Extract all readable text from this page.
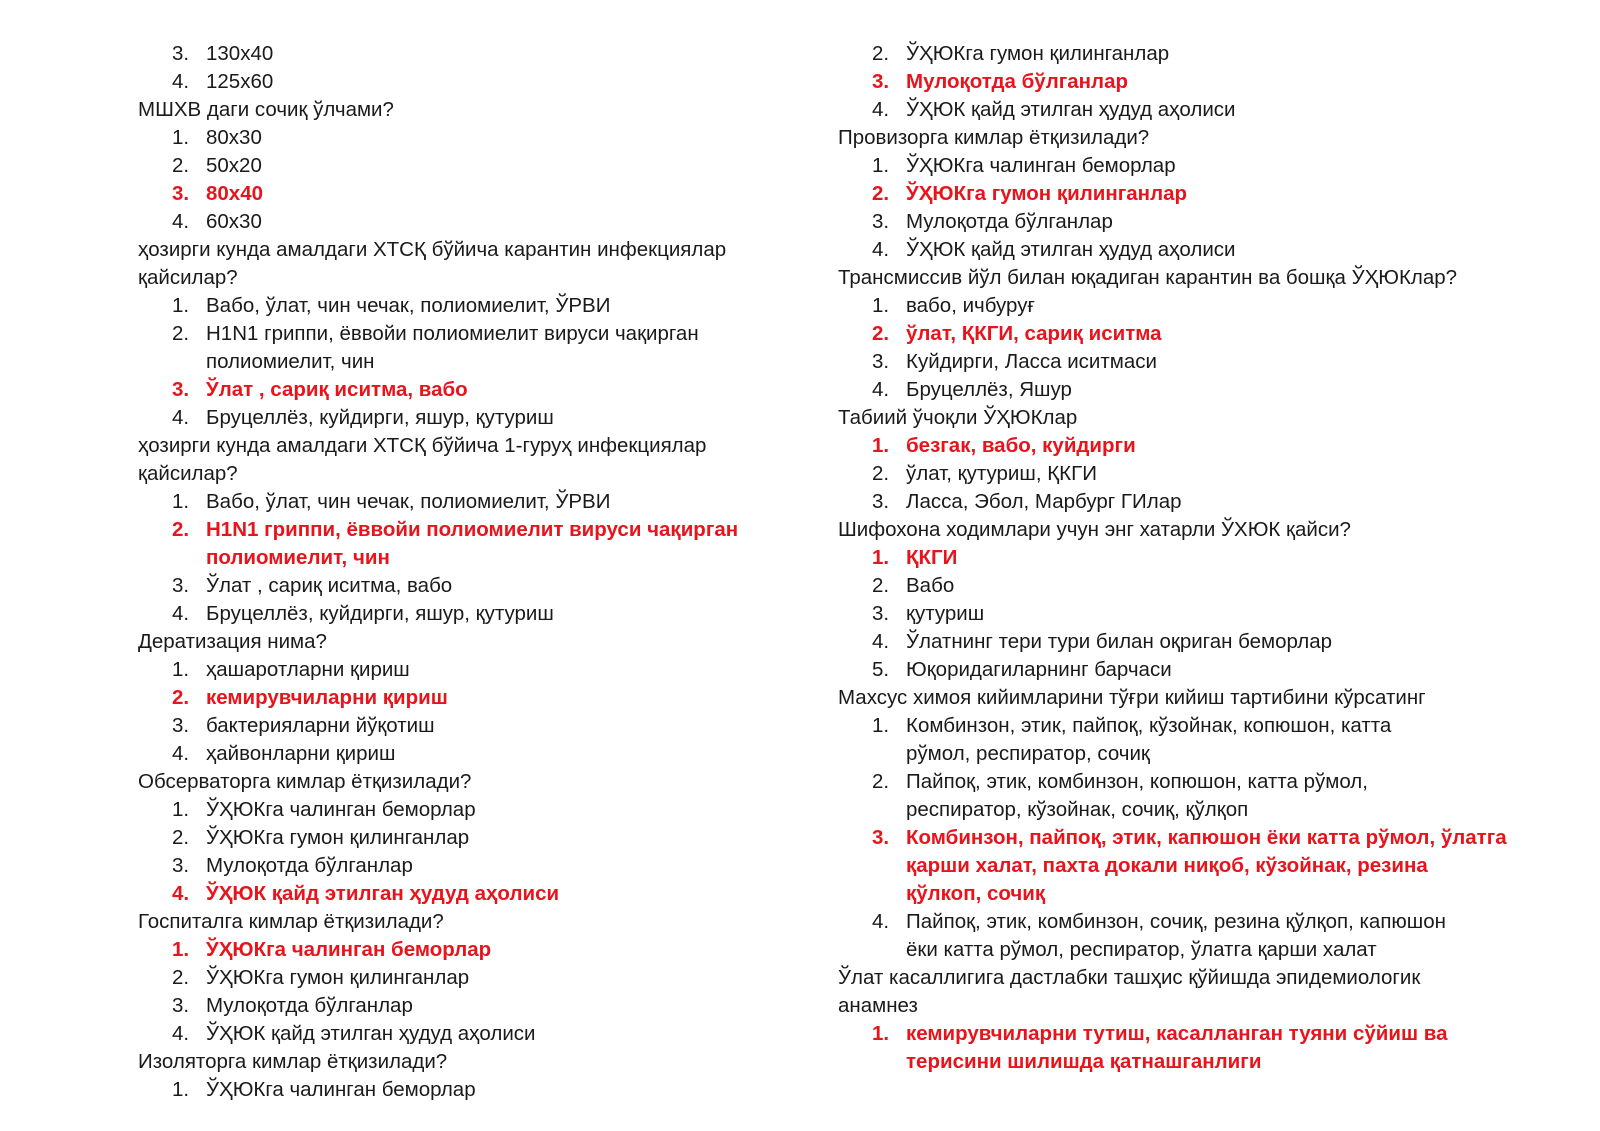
3. 130x40
4. 125x60
МШХВ даги сочиқ ўлчами?
1. 80x30
2. 50x20
3. 80x40
4. 60x30
ҳозирги кунда амалдаги ХТСҚ бўйича карантин инфекциялар
қайсилар?
1. Вабо, ўлат, чин чечак, полиомиелит, ЎРВИ
2. H1N1 гриппи, ёввойи полиомиелит вируси чақирган
полиомиелит, чин
3. Ўлат , сариқ иситма, вабо
4. Бруцеллёз, куйдирги, яшур, қутуриш
ҳозирги кунда амалдаги ХТСҚ бўйича 1-гуруҳ инфекциялар
қайсилар?
1. Вабо, ўлат, чин чечак, полиомиелит, ЎРВИ
2. H1N1 гриппи, ёввойи полиомиелит вируси чақирган
полиомиелит, чин
3. Ўлат , сариқ иситма, вабо
4. Бруцеллёз, куйдирги, яшур, қутуриш
Дератизация нима?
1. ҳашаротларни қириш
2. кемирувчиларни қириш
3. бактерияларни йўқотиш
4. ҳайвонларни қириш
Обсерваторга кимлар ётқизилади?
1. ЎҲЮКга чалинган беморлар
2. ЎҲЮКга гумон қилинганлар
3. Мулоқотда бўлганлар
4. ЎҲЮК қайд этилган ҳудуд аҳолиси
Госпиталга кимлар ётқизилади?
1. ЎҲЮКга чалинган беморлар
2. ЎҲЮКга гумон қилинганлар
3. Мулоқотда бўлганлар
4. ЎҲЮК қайд этилган ҳудуд аҳолиси
Изоляторга кимлар ётқизилади?
1. ЎҲЮКга чалинган беморлар
2. ЎҲЮКга гумон қилинганлар
3. Мулоқотда бўлганлар
4. ЎҲЮК қайд этилган ҳудуд аҳолиси
Провизорга кимлар ётқизилади?
1. ЎҲЮКга чалинган беморлар
2. ЎҲЮКга гумон қилинганлар
3. Мулоқотда бўлганлар
4. ЎҲЮК қайд этилган ҳудуд аҳолиси
Трансмиссив йўл билан юқадиган карантин ва бошқа ЎҲЮКлар?
1. вабо, ичбуруғ
2. ўлат, ҚКГИ, сариқ иситма
3. Куйдирги, Ласса иситмаси
4. Бруцеллёз, Яшур
Табиий ўчоқли ЎҲЮКлар
1. безгак, вабо, куйдирги
2. ўлат, қутуриш, ҚКГИ
3. Ласса, Эбол, Марбург ГИлар
Шифохона ходимлари учун энг хатарли ЎХЮК қайси?
1. ҚКГИ
2. Вабо
3. қутуриш
4. Ўлатнинг тери тури билан оқриган беморлар
5. Юқоридагиларнинг барчаси
Махсус химоя кийимларини тўғри кийиш тартибини кўрсатинг
1. Комбинзон, этик, пайпоқ, кўзойнак, копюшон, катта
рўмол, респиратор, сочиқ
2. Пайпоқ, этик, комбинзон, копюшон, катта рўмол,
респиратор, кўзойнак, сочиқ, қўлқоп
3. Комбинзон, пайпоқ, этик, капюшон ёки катта рўмол, ўлатга
қарши халат, пахта докали ниқоб, кўзойнак, резина
қўлкоп, сочиқ
4. Пайпоқ, этик, комбинзон, сочиқ, резина қўлқоп, капюшон
ёки катта рўмол, респиратор, ўлатга қарши халат
Ўлат касаллигига дастлабки ташҳис қўйишда эпидемиологик
анамнез
1. кемирувчиларни тутиш, касалланган туяни сўйиш ва
терисини шилишда қатнашганлиги
